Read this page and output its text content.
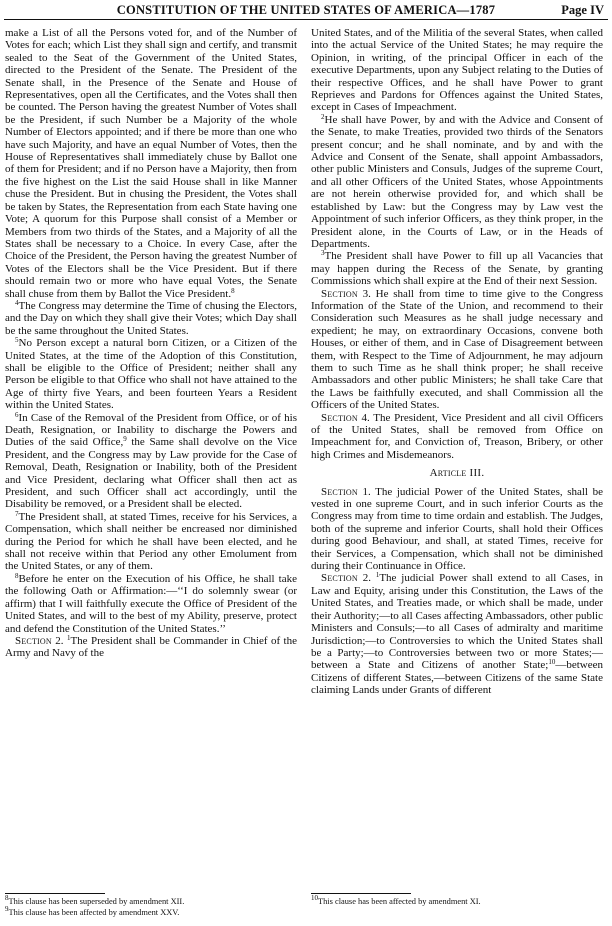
CONSTITUTION OF THE UNITED STATES OF AMERICA—1787	Page IV

make a List of all the Persons voted for, and of the Number of Votes for each; which List they shall sign and certify, and transmit sealed to the Seat of the Government of the United States, directed to the President of the Senate. The President of the Senate shall, in the Presence of the Senate and House of Representatives, open all the Certificates, and the Votes shall then be counted. The Person having the greatest Number of Votes shall be the President, if such Number be a Majority of the whole Number of Electors appointed; and if there be more than one who have such Majority, and have an equal Number of Votes, then the House of Representatives shall immediately chuse by Ballot one of them for President; and if no Person have a Majority, then from the five highest on the List the said House shall in like Manner chuse the President. But in chusing the President, the Votes shall be taken by States, the Representation from each State having one Vote; A quorum for this Purpose shall consist of a Member or Members from two thirds of the States, and a Majority of all the States shall be necessary to a Choice. In every Case, after the Choice of the President, the Person having the greatest Number of Votes of the Electors shall be the Vice President. But if there should remain two or more who have equal Votes, the Senate shall chuse from them by Ballot the Vice President.$^8$

$^4$The Congress may determine the Time of chusing the Electors, and the Day on which they shall give their Votes; which Day shall be the same throughout the United States.

$^5$No Person except a natural born Citizen, or a Citizen of the United States, at the time of the Adoption of this Constitution, shall be eligible to the Office of President; neither shall any Person be eligible to that Office who shall not have attained to the Age of thirty five Years, and been fourteen Years a Resident within the United States.

$^6$In Case of the Removal of the President from Office, or of his Death, Resignation, or Inability to discharge the Powers and Duties of the said Office,$^9$ the Same shall devolve on the Vice President, and the Congress may by Law provide for the Case of Removal, Death, Resignation or Inability, both of the President and Vice President, declaring what Officer shall then act as President, and such Officer shall act accordingly, until the Disability be removed, or a President shall be elected.

$^7$The President shall, at stated Times, receive for his Services, a Compensation, which shall neither be encreased nor diminished during the Period for which he shall have been elected, and he shall not receive within that Period any other Emolument from the United States, or any of them.

$^8$Before he enter on the Execution of his Office, he shall take the following Oath or Affirmation:—‘‘I do solemnly swear (or affirm) that I will faithfully execute the Office of President of the United States, and will to the best of my Ability, preserve, protect and defend the Constitution of the United States.’’

Section 2. $^1$The President shall be Commander in Chief of the Army and Navy of the

United States, and of the Militia of the several States, when called into the actual Service of the United States; he may require the Opinion, in writing, of the principal Officer in each of the executive Departments, upon any Subject relating to the Duties of their respective Offices, and he shall have Power to grant Reprieves and Pardons for Offences against the United States, except in Cases of Impeachment.

$^2$He shall have Power, by and with the Advice and Consent of the Senate, to make Treaties, provided two thirds of the Senators present concur; and he shall nominate, and by and with the Advice and Consent of the Senate, shall appoint Ambassadors, other public Ministers and Consuls, Judges of the supreme Court, and all other Officers of the United States, whose Appointments are not herein otherwise provided for, and which shall be established by Law: but the Congress may by Law vest the Appointment of such inferior Officers, as they think proper, in the President alone, in the Courts of Law, or in the Heads of Departments.

$^3$The President shall have Power to fill up all Vacancies that may happen during the Recess of the Senate, by granting Commissions which shall expire at the End of their next Session.

Section 3. He shall from time to time give to the Congress Information of the State of the Union, and recommend to their Consideration such Measures as he shall judge necessary and expedient; he may, on extraordinary Occasions, convene both Houses, or either of them, and in Case of Disagreement between them, with Respect to the Time of Adjournment, he may adjourn them to such Time as he shall think proper; he shall receive Ambassadors and other public Ministers; he shall take Care that the Laws be faithfully executed, and shall Commission all the Officers of the United States.

Section 4. The President, Vice President and all civil Officers of the United States, shall be removed from Office on Impeachment for, and Conviction of, Treason, Bribery, or other high Crimes and Misdemeanors.

Article III.

Section 1. The judicial Power of the United States, shall be vested in one supreme Court, and in such inferior Courts as the Congress may from time to time ordain and establish. The Judges, both of the supreme and inferior Courts, shall hold their Offices during good Behaviour, and shall, at stated Times, receive for their Services, a Compensation, which shall not be diminished during their Continuance in Office.

Section 2. $^1$The judicial Power shall extend to all Cases, in Law and Equity, arising under this Constitution, the Laws of the United States, and Treaties made, or which shall be made, under their Authority;—to all Cases affecting Ambassadors, other public Ministers and Consuls;—to all Cases of admiralty and maritime Jurisdiction;—to Controversies to which the United States shall be a Party;—to Controversies between two or more States;—between a State and Citizens of another State;$^{10}$—between Citizens of different States,—between Citizens of the same State claiming Lands under Grants of different

$^8$This clause has been superseded by amendment XII.

$^9$This clause has been affected by amendment XXV.

$^{10}$This clause has been affected by amendment XI.
